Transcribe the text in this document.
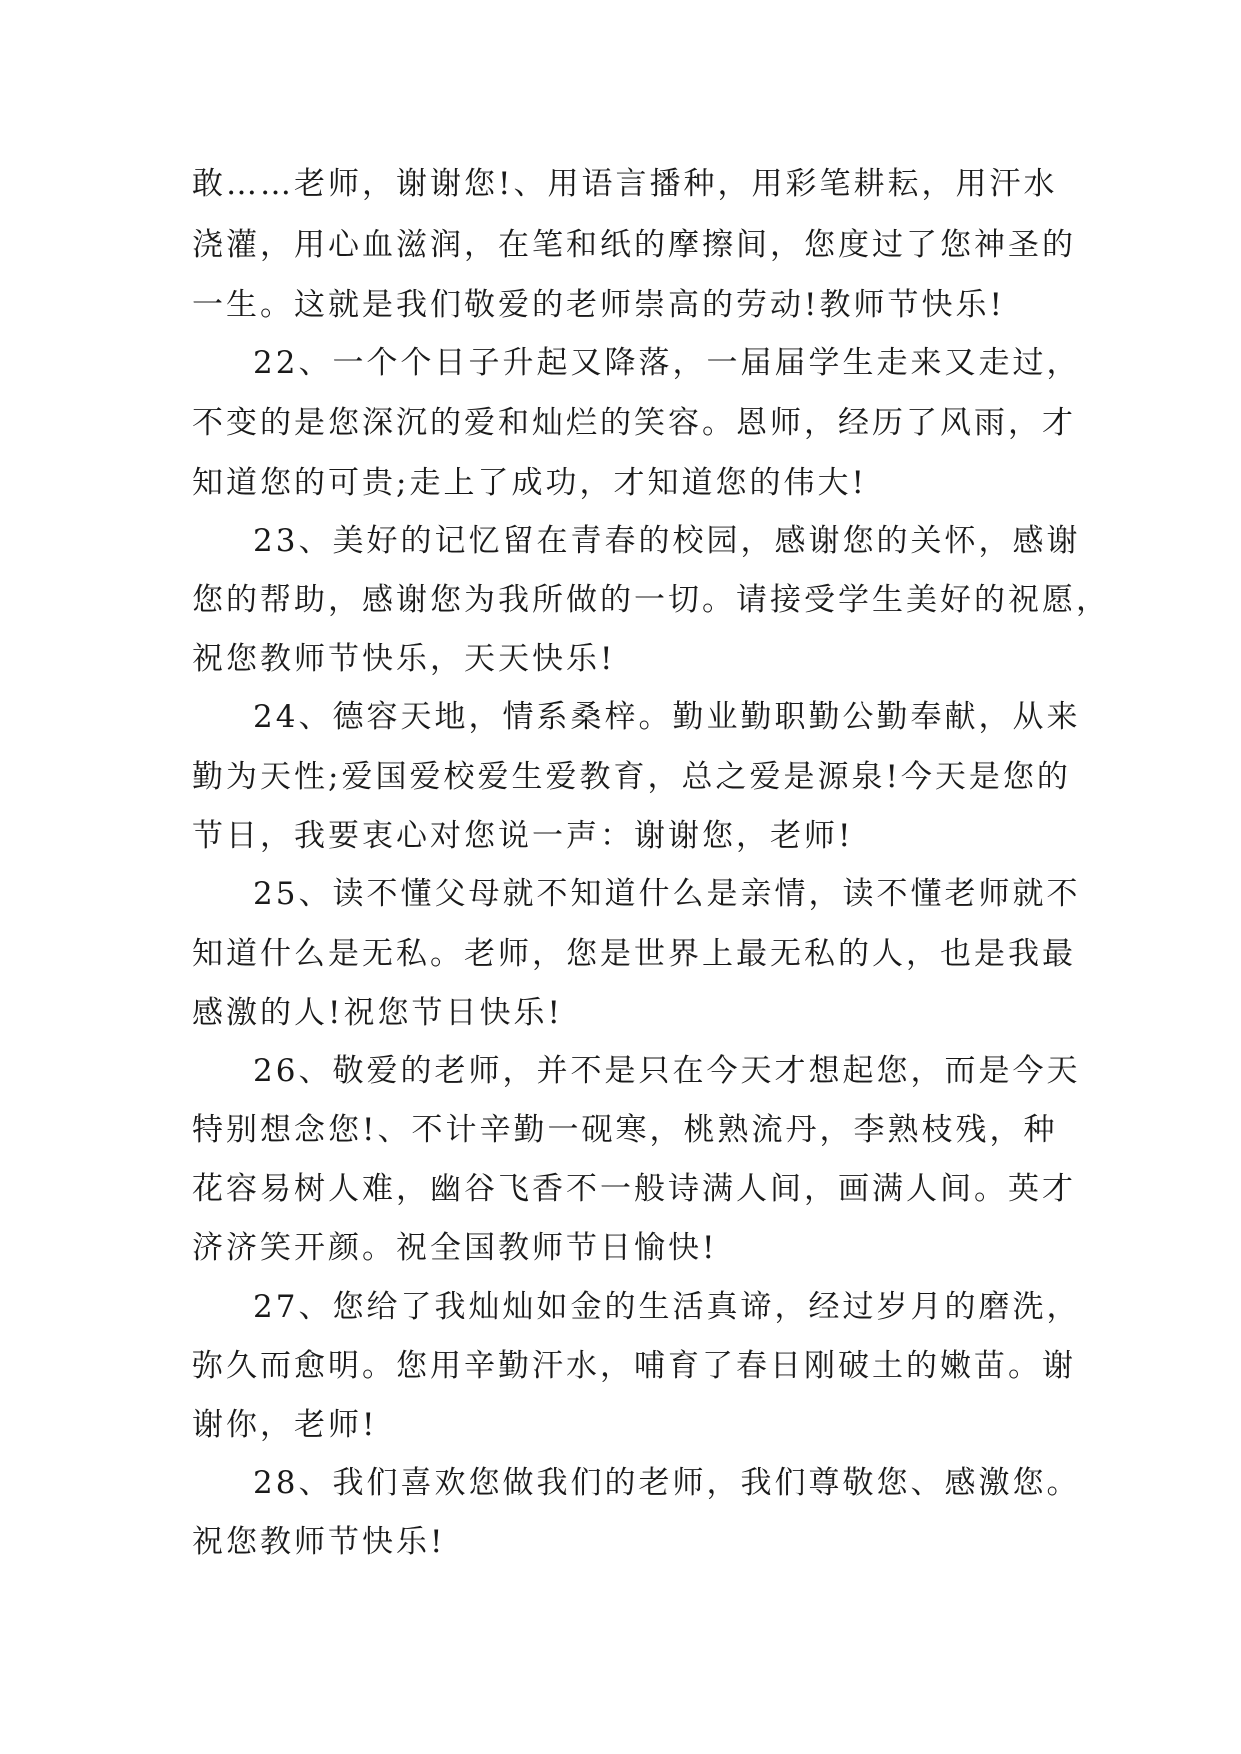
敢……老师，谢谢您!、用语言播种，用彩笔耕耘，用汗水
浇灌，用心血滋润，在笔和纸的摩擦间，您度过了您神圣的
一生。这就是我们敬爱的老师崇高的劳动!教师节快乐!
22、一个个日子升起又降落，一届届学生走来又走过，
不变的是您深沉的爱和灿烂的笑容。恩师，经历了风雨，才
知道您的可贵;走上了成功，才知道您的伟大!
23、美好的记忆留在青春的校园，感谢您的关怀，感谢
您的帮助，感谢您为我所做的一切。请接受学生美好的祝愿，
祝您教师节快乐，天天快乐!
24、德容天地，情系桑梓。勤业勤职勤公勤奉献，从来
勤为天性;爱国爱校爱生爱教育，总之爱是源泉!今天是您的
节日，我要衷心对您说一声：谢谢您，老师!
25、读不懂父母就不知道什么是亲情，读不懂老师就不
知道什么是无私。老师，您是世界上最无私的人，也是我最
感激的人!祝您节日快乐!
26、敬爱的老师，并不是只在今天才想起您，而是今天
特别想念您!、不计辛勤一砚寒，桃熟流丹，李熟枝残，种
花容易树人难，幽谷飞香不一般诗满人间，画满人间。英才
济济笑开颜。祝全国教师节日愉快!
27、您给了我灿灿如金的生活真谛，经过岁月的磨洗，
弥久而愈明。您用辛勤汗水，哺育了春日刚破土的嫩苗。谢
谢你，老师!
28、我们喜欢您做我们的老师，我们尊敬您、感激您。
祝您教师节快乐!
